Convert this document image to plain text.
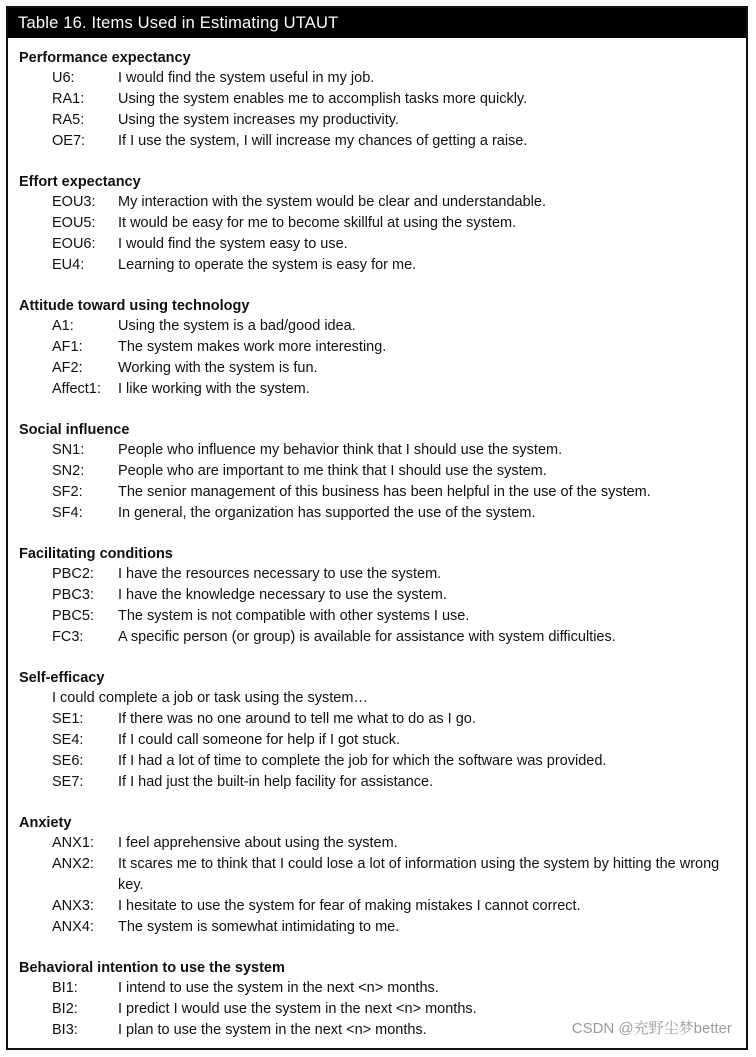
Table 16. Items Used in Estimating UTAUT
Performance expectancy
U6:	I would find the system useful in my job.
RA1:	Using the system enables me to accomplish tasks more quickly.
RA5:	Using the system increases my productivity.
OE7:	If I use the system, I will increase my chances of getting a raise.
Effort expectancy
EOU3:	My interaction with the system would be clear and understandable.
EOU5:	It would be easy for me to become skillful at using the system.
EOU6:	I would find the system easy to use.
EU4:	Learning to operate the system is easy for me.
Attitude toward using technology
A1:	Using the system is a bad/good idea.
AF1:	The system makes work more interesting.
AF2:	Working with the system is fun.
Affect1:	I like working with the system.
Social influence
SN1:	People who influence my behavior think that I should use the system.
SN2:	People who are important to me think that I should use the system.
SF2:	The senior management of this business has been helpful in the use of the system.
SF4:	In general, the organization has supported the use of the system.
Facilitating conditions
PBC2:	I have the resources necessary to use the system.
PBC3:	I have the knowledge necessary to use the system.
PBC5:	The system is not compatible with other systems I use.
FC3:	A specific person (or group) is available for assistance with system difficulties.
Self-efficacy
I could complete a job or task using the system…
SE1:	If there was no one around to tell me what to do as I go.
SE4:	If I could call someone for help if I got stuck.
SE6:	If I had a lot of time to complete the job for which the software was provided.
SE7:	If I had just the built-in help facility for assistance.
Anxiety
ANX1:	I feel apprehensive about using the system.
ANX2:	It scares me to think that I could lose a lot of information using the system by hitting the wrong key.
ANX3:	I hesitate to use the system for fear of making mistakes I cannot correct.
ANX4:	The system is somewhat intimidating to me.
Behavioral intention to use the system
BI1:	I intend to use the system in the next <n> months.
BI2:	I predict I would use the system in the next <n> months.
BI3:	I plan to use the system in the next <n> months.	CSDN @充野尘梦better
